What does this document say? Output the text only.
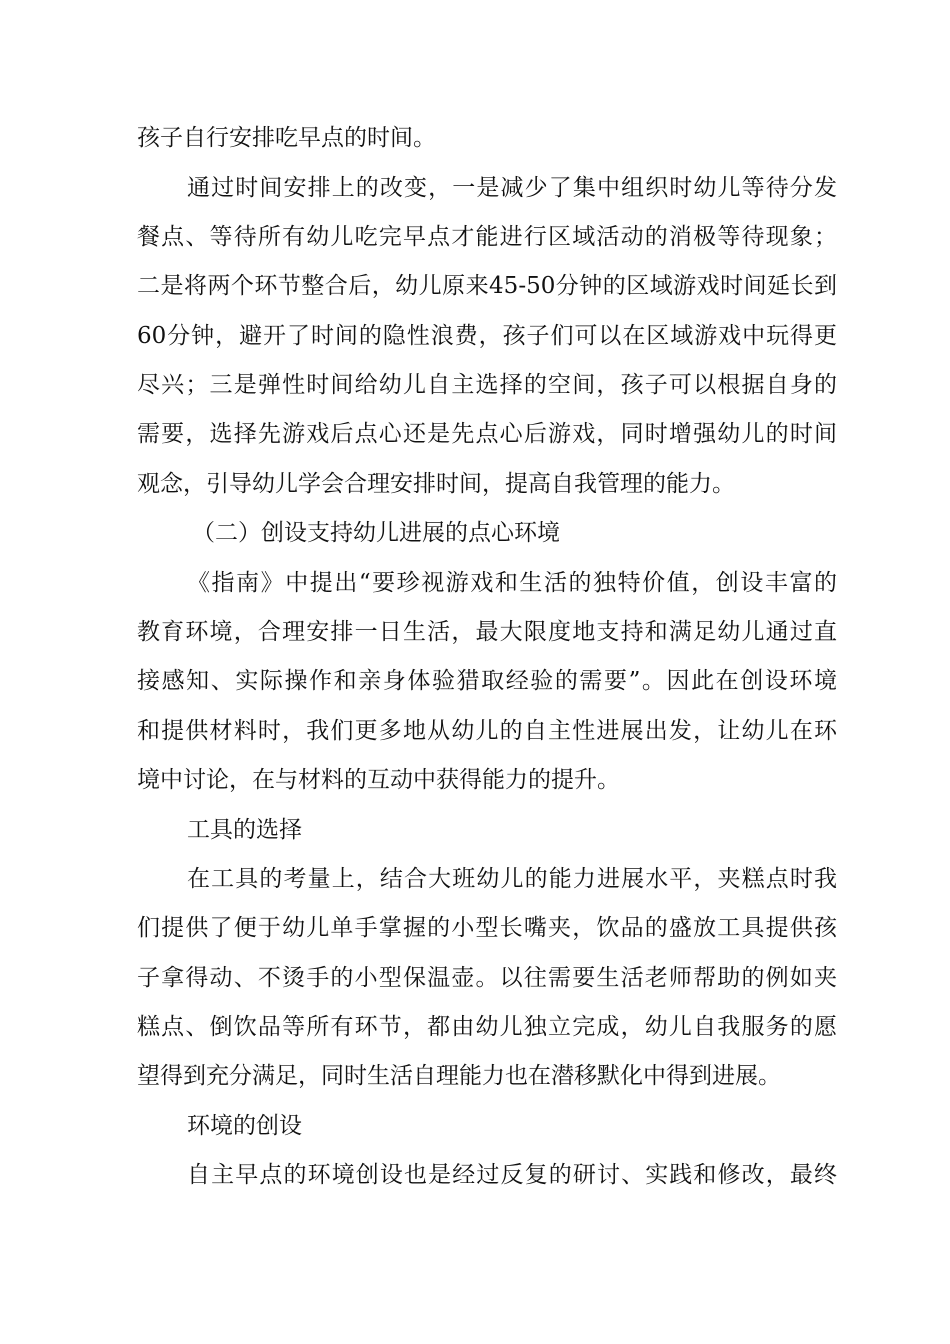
孩子自行安排吃早点的时间。
通过时间安排上的改变，一是减少了集中组织时幼儿等待分发
餐点、等待所有幼儿吃完早点才能进行区域活动的消极等待现象；
二是将两个环节整合后，幼儿原来45-50分钟的区域游戏时间延长到
60分钟，避开了时间的隐性浪费，孩子们可以在区域游戏中玩得更
尽兴；三是弹性时间给幼儿自主选择的空间，孩子可以根据自身的
需要，选择先游戏后点心还是先点心后游戏，同时增强幼儿的时间
观念，引导幼儿学会合理安排时间，提高自我管理的能力。
（二）创设支持幼儿进展的点心环境
《指南》中提出“要珍视游戏和生活的独特价值，创设丰富的
教育环境，合理安排一日生活，最大限度地支持和满足幼儿通过直
接感知、实际操作和亲身体验猎取经验的需要”。因此在创设环境
和提供材料时，我们更多地从幼儿的自主性进展出发，让幼儿在环
境中讨论，在与材料的互动中获得能力的提升。
工具的选择
在工具的考量上，结合大班幼儿的能力进展水平，夹糕点时我
们提供了便于幼儿单手掌握的小型长嘴夹，饮品的盛放工具提供孩
子拿得动、不烫手的小型保温壶。以往需要生活老师帮助的例如夹
糕点、倒饮品等所有环节，都由幼儿独立完成，幼儿自我服务的愿
望得到充分满足，同时生活自理能力也在潜移默化中得到进展。
环境的创设
自主早点的环境创设也是经过反复的研讨、实践和修改，最终
